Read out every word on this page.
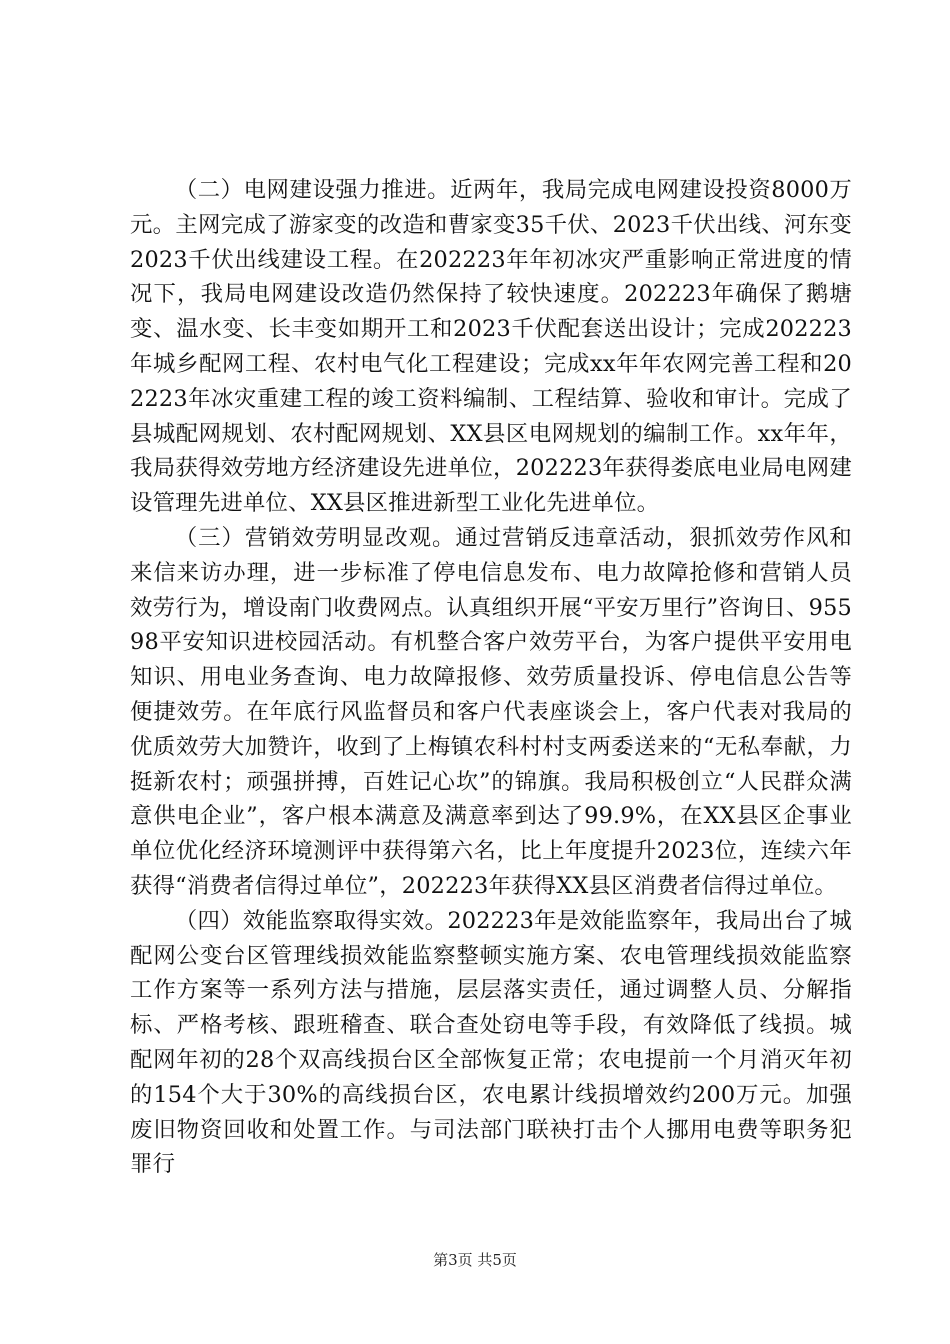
（二）电网建设强力推进。近两年，我局完成电网建设投资8000万元。主网完成了游家变的改造和曹家变35千伏、2023千伏出线、河东变2023千伏出线建设工程。在202223年年初冰灾严重影响正常进度的情况下，我局电网建设改造仍然保持了较快速度。202223年确保了鹅塘变、温水变、长丰变如期开工和2023千伏配套送出设计；完成202223年城乡配网工程、农村电气化工程建设；完成xx年年农网完善工程和202223年冰灾重建工程的竣工资料编制、工程结算、验收和审计。完成了县城配网规划、农村配网规划、XX县区电网规划的编制工作。xx年年，我局获得效劳地方经济建设先进单位，202223年获得娄底电业局电网建设管理先进单位、XX县区推进新型工业化先进单位。

（三）营销效劳明显改观。通过营销反违章活动，狠抓效劳作风和来信来访办理，进一步标准了停电信息发布、电力故障抢修和营销人员效劳行为，增设南门收费网点。认真组织开展“平安万里行”咨询日、95598平安知识进校园活动。有机整合客户效劳平台，为客户提供平安用电知识、用电业务查询、电力故障报修、效劳质量投诉、停电信息公告等便捷效劳。在年底行风监督员和客户代表座谈会上，客户代表对我局的优质效劳大加赞许，收到了上梅镇农科村村支两委送来的“无私奉献，力挺新农村；顽强拼搏，百姓记心坎”的锦旗。我局积极创立“人民群众满意供电企业”，客户根本满意及满意率到达了99.9%，在XX县区企事业单位优化经济环境测评中获得第六名，比上年度提升2023位，连续六年获得“消费者信得过单位”，202223年获得XX县区消费者信得过单位。

（四）效能监察取得实效。202223年是效能监察年，我局出台了城配网公变台区管理线损效能监察整顿实施方案、农电管理线损效能监察工作方案等一系列方法与措施，层层落实责任，通过调整人员、分解指标、严格考核、跟班稽查、联合查处窃电等手段，有效降低了线损。城配网年初的28个双高线损台区全部恢复正常；农电提前一个月消灭年初的154个大于30%的高线损台区，农电累计线损增效约200万元。加强废旧物资回收和处置工作。与司法部门联袂打击个人挪用电费等职务犯罪行

第3页 共5页
